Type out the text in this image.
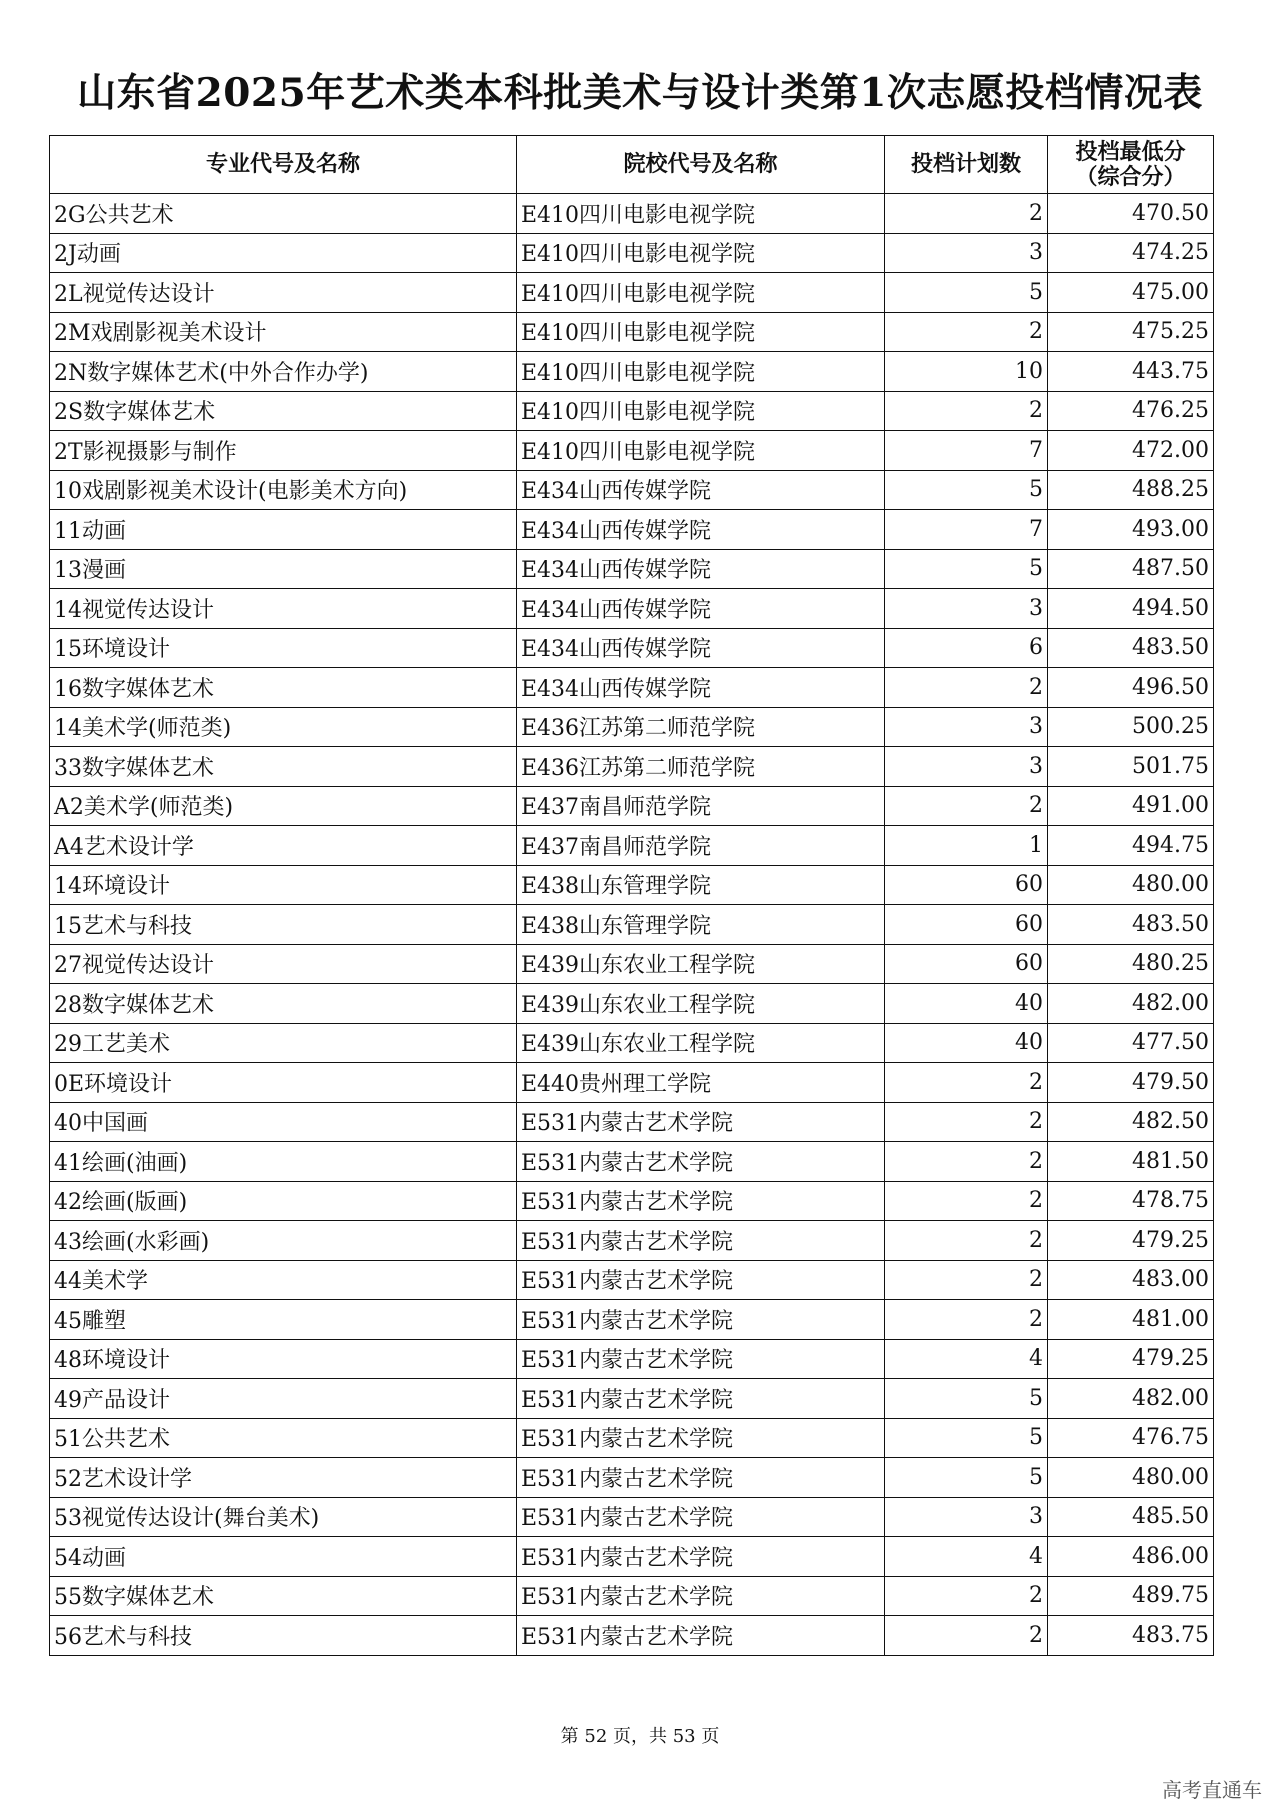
山东省2025年艺术类本科批美术与设计类第1次志愿投档情况表
专业代号及名称	院校代号及名称	投档计划数	投档最低分
（综合分）
2G公共艺术	E410四川电影电视学院	2	470.50
2J动画	E410四川电影电视学院	3	474.25
2L视觉传达设计	E410四川电影电视学院	5	475.00
2M戏剧影视美术设计	E410四川电影电视学院	2	475.25
2N数字媒体艺术(中外合作办学)	E410四川电影电视学院	10	443.75
2S数字媒体艺术	E410四川电影电视学院	2	476.25
2T影视摄影与制作	E410四川电影电视学院	7	472.00
10戏剧影视美术设计(电影美术方向)	E434山西传媒学院	5	488.25
11动画	E434山西传媒学院	7	493.00
13漫画	E434山西传媒学院	5	487.50
14视觉传达设计	E434山西传媒学院	3	494.50
15环境设计	E434山西传媒学院	6	483.50
16数字媒体艺术	E434山西传媒学院	2	496.50
14美术学(师范类)	E436江苏第二师范学院	3	500.25
33数字媒体艺术	E436江苏第二师范学院	3	501.75
A2美术学(师范类)	E437南昌师范学院	2	491.00
A4艺术设计学	E437南昌师范学院	1	494.75
14环境设计	E438山东管理学院	60	480.00
15艺术与科技	E438山东管理学院	60	483.50
27视觉传达设计	E439山东农业工程学院	60	480.25
28数字媒体艺术	E439山东农业工程学院	40	482.00
29工艺美术	E439山东农业工程学院	40	477.50
0E环境设计	E440贵州理工学院	2	479.50
40中国画	E531内蒙古艺术学院	2	482.50
41绘画(油画)	E531内蒙古艺术学院	2	481.50
42绘画(版画)	E531内蒙古艺术学院	2	478.75
43绘画(水彩画)	E531内蒙古艺术学院	2	479.25
44美术学	E531内蒙古艺术学院	2	483.00
45雕塑	E531内蒙古艺术学院	2	481.00
48环境设计	E531内蒙古艺术学院	4	479.25
49产品设计	E531内蒙古艺术学院	5	482.00
51公共艺术	E531内蒙古艺术学院	5	476.75
52艺术设计学	E531内蒙古艺术学院	5	480.00
53视觉传达设计(舞台美术)	E531内蒙古艺术学院	3	485.50
54动画	E531内蒙古艺术学院	4	486.00
55数字媒体艺术	E531内蒙古艺术学院	2	489.75
56艺术与科技	E531内蒙古艺术学院	2	483.75
第 52 页，共 53 页
高考直通车
